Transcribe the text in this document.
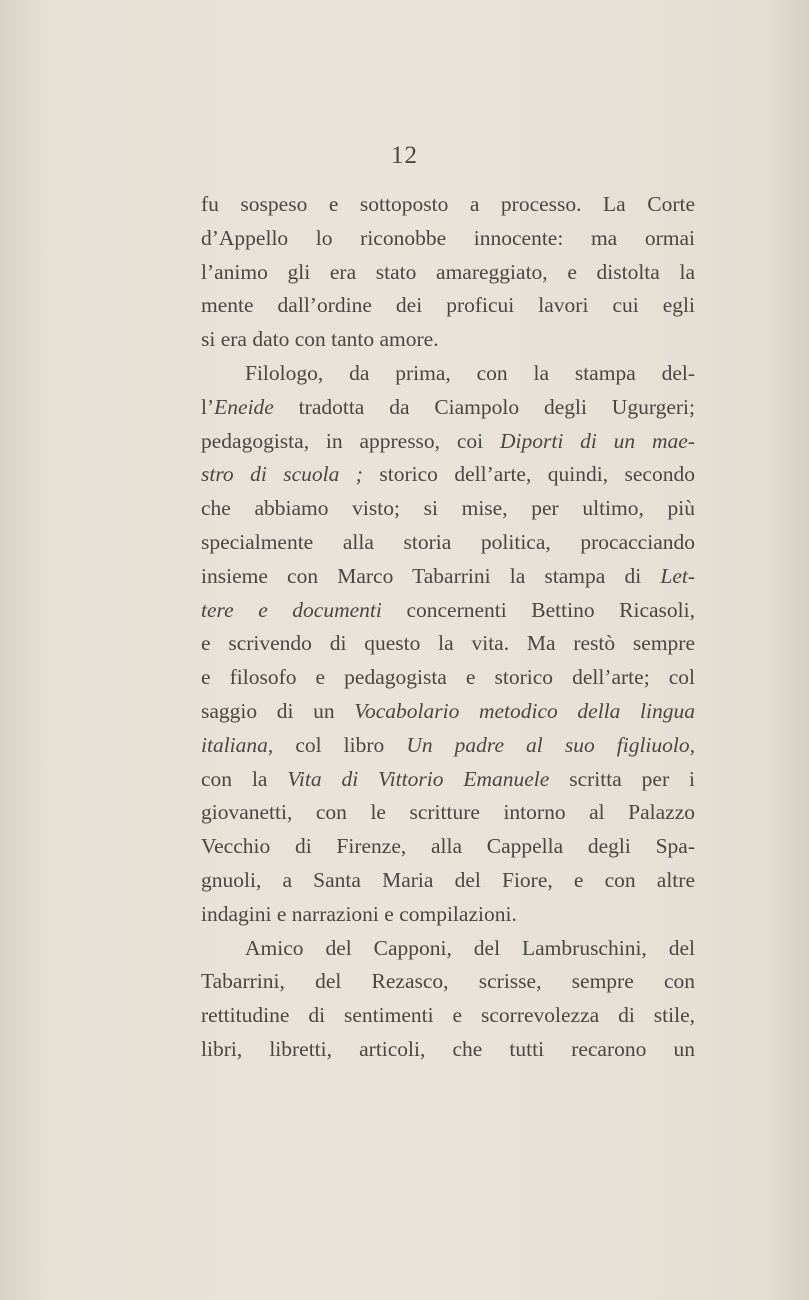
12
fu sospeso e sottoposto a processo. La Corte
d’Appello lo riconobbe innocente: ma ormai
l’animo gli era stato amareggiato, e distolta la
mente dall’ordine dei proficui lavori cui egli
si era dato con tanto amore.
Filologo, da prima, con la stampa del-
l’Eneide tradotta da Ciampolo degli Ugurgeri;
pedagogista, in appresso, coi Diporti di un mae-
stro di scuola ; storico dell’arte, quindi, secondo
che abbiamo visto; si mise, per ultimo, più
specialmente alla storia politica, procacciando
insieme con Marco Tabarrini la stampa di Let-
tere e documenti concernenti Bettino Ricasoli,
e scrivendo di questo la vita. Ma restò sempre
e filosofo e pedagogista e storico dell’arte; col
saggio di un Vocabolario metodico della lingua
italiana, col libro Un padre al suo figliuolo,
con la Vita di Vittorio Emanuele scritta per i
giovanetti, con le scritture intorno al Palazzo
Vecchio di Firenze, alla Cappella degli Spa-
gnuoli, a Santa Maria del Fiore, e con altre
indagini e narrazioni e compilazioni.
Amico del Capponi, del Lambruschini, del
Tabarrini, del Rezasco, scrisse, sempre con
rettitudine di sentimenti e scorrevolezza di stile,
libri, libretti, articoli, che tutti recarono un
